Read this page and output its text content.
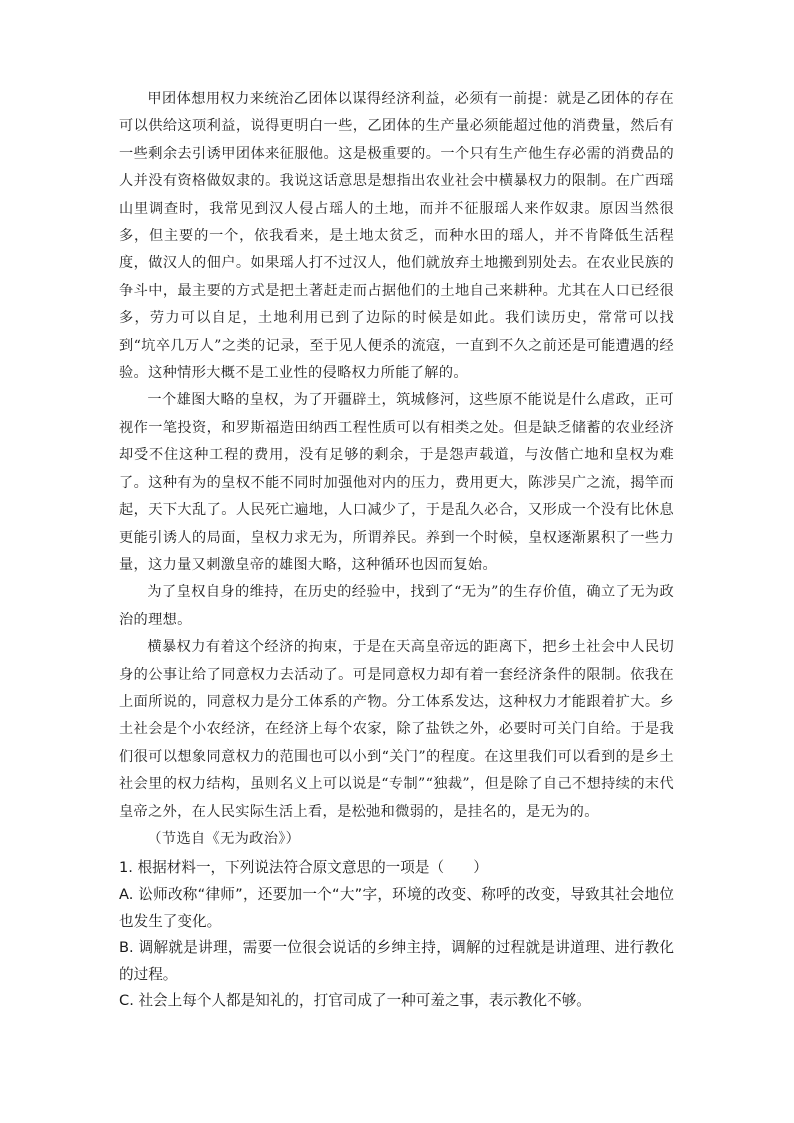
甲团体想用权力来统治乙团体以谋得经济利益，必须有一前提：就是乙团体的存在可以供给这项利益，说得更明白一些，乙团体的生产量必须能超过他的消费量，然后有一些剩余去引诱甲团体来征服他。这是极重要的。一个只有生产他生存必需的消费品的人并没有资格做奴隶的。我说这话意思是想指出农业社会中横暴权力的限制。在广西瑶山里调查时，我常见到汉人侵占瑶人的土地，而并不征服瑶人来作奴隶。原因当然很多，但主要的一个，依我看来，是土地太贫乏，而种水田的瑶人，并不肯降低生活程度，做汉人的佃户。如果瑶人打不过汉人，他们就放弃土地搬到别处去。在农业民族的争斗中，最主要的方式是把土著赶走而占据他们的土地自己来耕种。尤其在人口已经很多，劳力可以自足，土地利用已到了边际的时候是如此。我们读历史，常常可以找到“坑卒几万人”之类的记录，至于见人便杀的流寇，一直到不久之前还是可能遭遇的经验。这种情形大概不是工业性的侵略权力所能了解的。

一个雄图大略的皇权，为了开疆辟土，筑城修河，这些原不能说是什么虐政，正可视作一笔投资，和罗斯福造田纳西工程性质可以有相类之处。但是缺乏储蓄的农业经济却受不住这种工程的费用，没有足够的剩余，于是怨声载道，与汝偕亡地和皇权为难了。这种有为的皇权不能不同时加强他对内的压力，费用更大，陈涉吴广之流，揭竿而起，天下大乱了。人民死亡遍地，人口减少了，于是乱久必合，又形成一个没有比休息更能引诱人的局面，皇权力求无为，所谓养民。养到一个时候，皇权逐渐累积了一些力量，这力量又刺激皇帝的雄图大略，这种循环也因而复始。

为了皇权自身的维持，在历史的经验中，找到了“无为”的生存价值，确立了无为政治的理想。

横暴权力有着这个经济的拘束，于是在天高皇帝远的距离下，把乡土社会中人民切身的公事让给了同意权力去活动了。可是同意权力却有着一套经济条件的限制。依我在上面所说的，同意权力是分工体系的产物。分工体系发达，这种权力才能跟着扩大。乡土社会是个小农经济，在经济上每个农家，除了盐铁之外，必要时可关门自给。于是我们很可以想象同意权力的范围也可以小到“关门”的程度。在这里我们可以看到的是乡土社会里的权力结构，虽则名义上可以说是“专制”“独裁”，但是除了自己不想持续的末代皇帝之外，在人民实际生活上看，是松弛和微弱的，是挂名的，是无为的。

（节选自《无为政治》）

1. 根据材料一，下列说法符合原文意思的一项是（　　）

A. 讼师改称“律师”，还要加一个“大”字，环境的改变、称呼的改变，导致其社会地位也发生了变化。

B. 调解就是讲理，需要一位很会说话的乡绅主持，调解的过程就是讲道理、进行教化的过程。

C. 社会上每个人都是知礼的，打官司成了一种可羞之事，表示教化不够。
